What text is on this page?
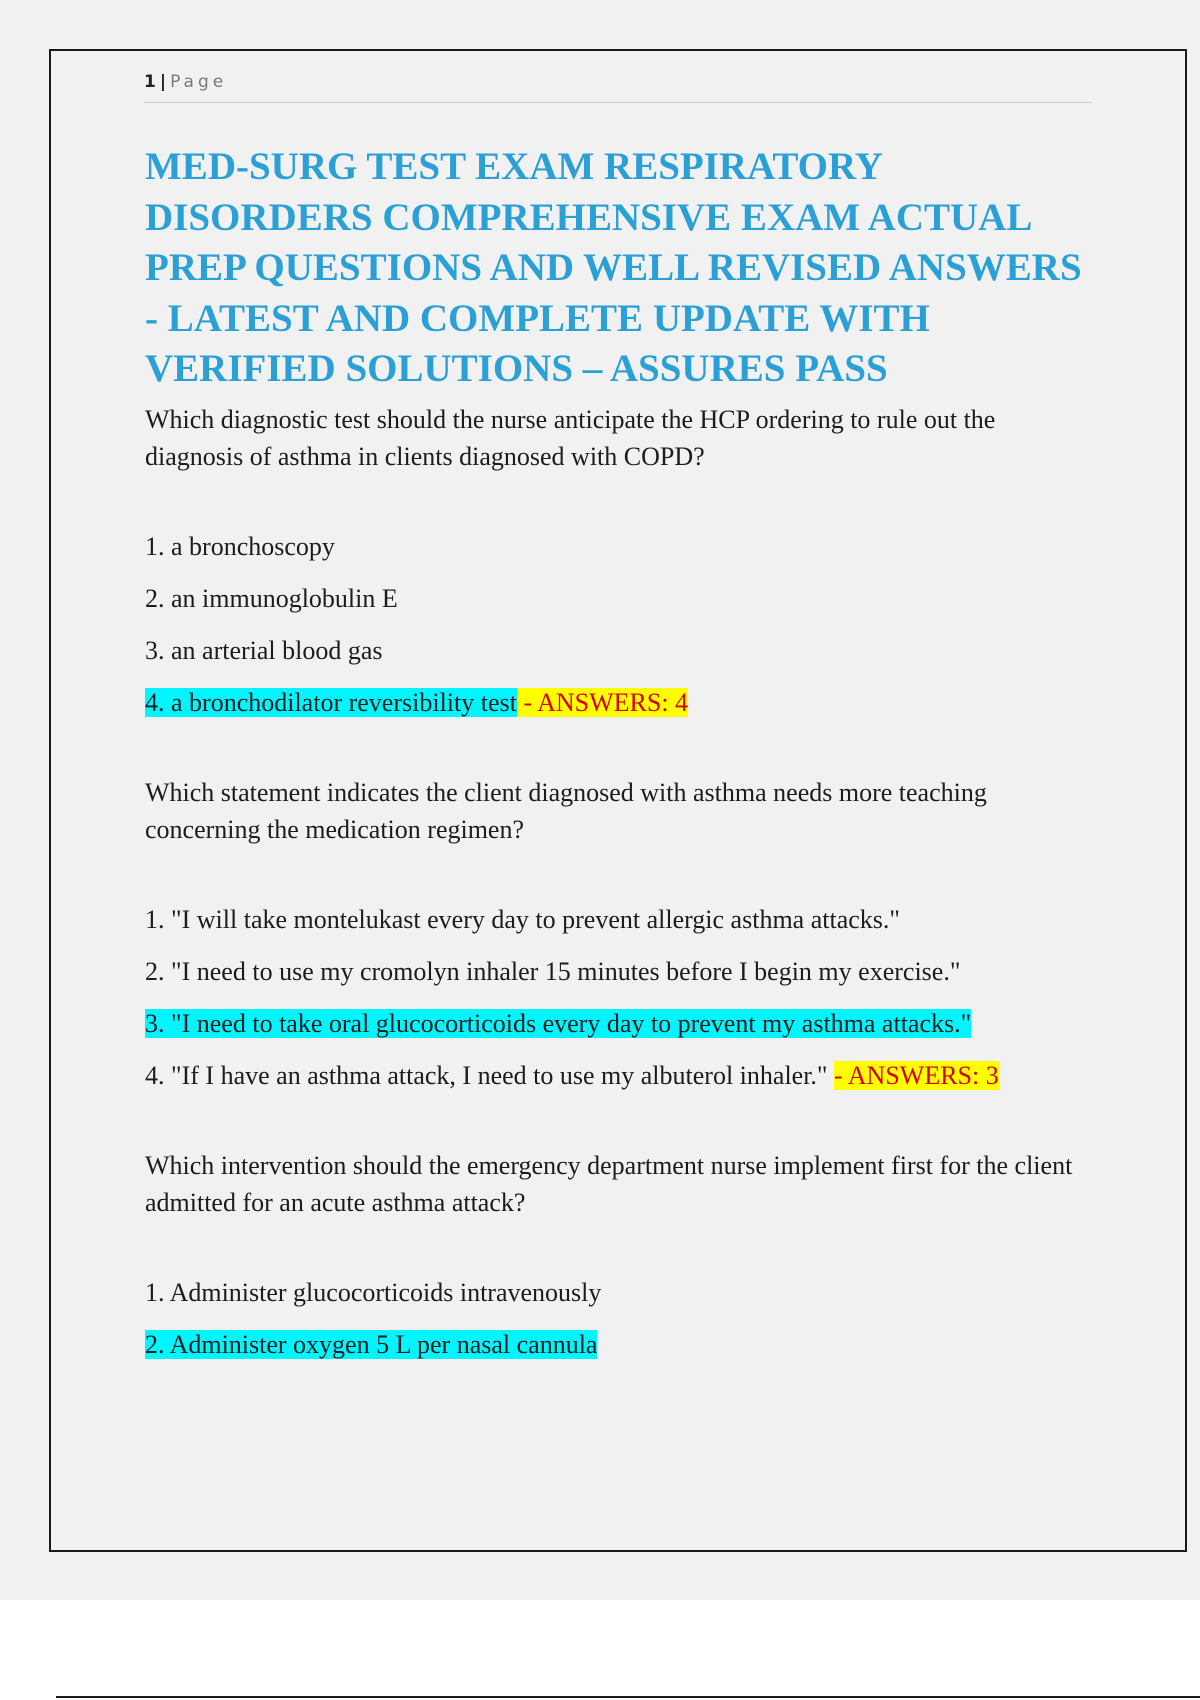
1 | Page
MED-SURG TEST EXAM RESPIRATORY DISORDERS COMPREHENSIVE EXAM ACTUAL PREP QUESTIONS AND WELL REVISED ANSWERS - LATEST AND COMPLETE UPDATE WITH VERIFIED SOLUTIONS – ASSURES PASS

Which diagnostic test should the nurse anticipate the HCP ordering to rule out the diagnosis of asthma in clients diagnosed with COPD?

1. a bronchoscopy

2. an immunoglobulin E

3. an arterial blood gas

4. a bronchodilator reversibility test - ANSWERS: 4

Which statement indicates the client diagnosed with asthma needs more teaching concerning the medication regimen?

1. "I will take montelukast every day to prevent allergic asthma attacks."

2. "I need to use my cromolyn inhaler 15 minutes before I begin my exercise."

3. "I need to take oral glucocorticoids every day to prevent my asthma attacks."

4. "If I have an asthma attack, I need to use my albuterol inhaler." - ANSWERS: 3

Which intervention should the emergency department nurse implement first for the client admitted for an acute asthma attack?

1. Administer glucocorticoids intravenously

2. Administer oxygen 5 L per nasal cannula
